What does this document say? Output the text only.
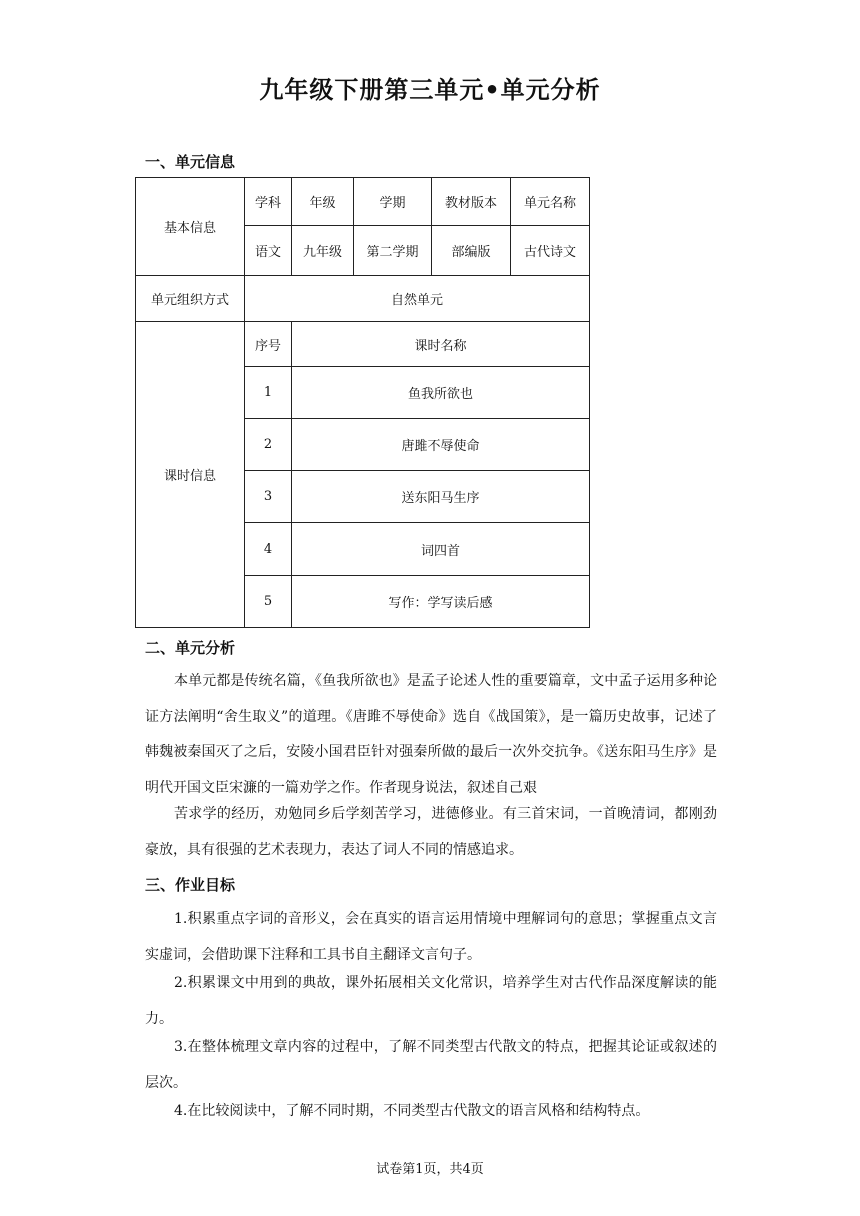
九年级下册第三单元•单元分析
一、单元信息
基本信息	学科	年级	学期	教材版本	单元名称
	语文	九年级	第二学期	部编版	古代诗文
单元组织方式	自然单元				
课时信息	序号	课时名称			
	1	鱼我所欲也			
	2	唐雎不辱使命			
	3	送东阳马生序			
	4	词四首			
	5	写作：学写读后感			
二、单元分析

本单元都是传统名篇，《鱼我所欲也》是孟子论述人性的重要篇章，文中孟子运用多种论证方法阐明“舍生取义”的道理。《唐雎不辱使命》选自《战国策》，是一篇历史故事，记述了韩魏被秦国灭了之后，安陵小国君臣针对强秦所做的最后一次外交抗争。《送东阳马生序》是明代开国文臣宋濂的一篇劝学之作。作者现身说法，叙述自己艰

苦求学的经历，劝勉同乡后学刻苦学习，进德修业。有三首宋词，一首晚清词，都刚劲豪放，具有很强的艺术表现力，表达了词人不同的情感追求。

三、作业目标

1.积累重点字词的音形义，会在真实的语言运用情境中理解词句的意思；掌握重点文言实虚词，会借助课下注释和工具书自主翻译文言句子。

2.积累课文中用到的典故，课外拓展相关文化常识，培养学生对古代作品深度解读的能力。

3.在整体梳理文章内容的过程中，了解不同类型古代散文的特点，把握其论证或叙述的层次。

4.在比较阅读中，了解不同时期，不同类型古代散文的语言风格和结构特点。

试卷第1页，共4页
